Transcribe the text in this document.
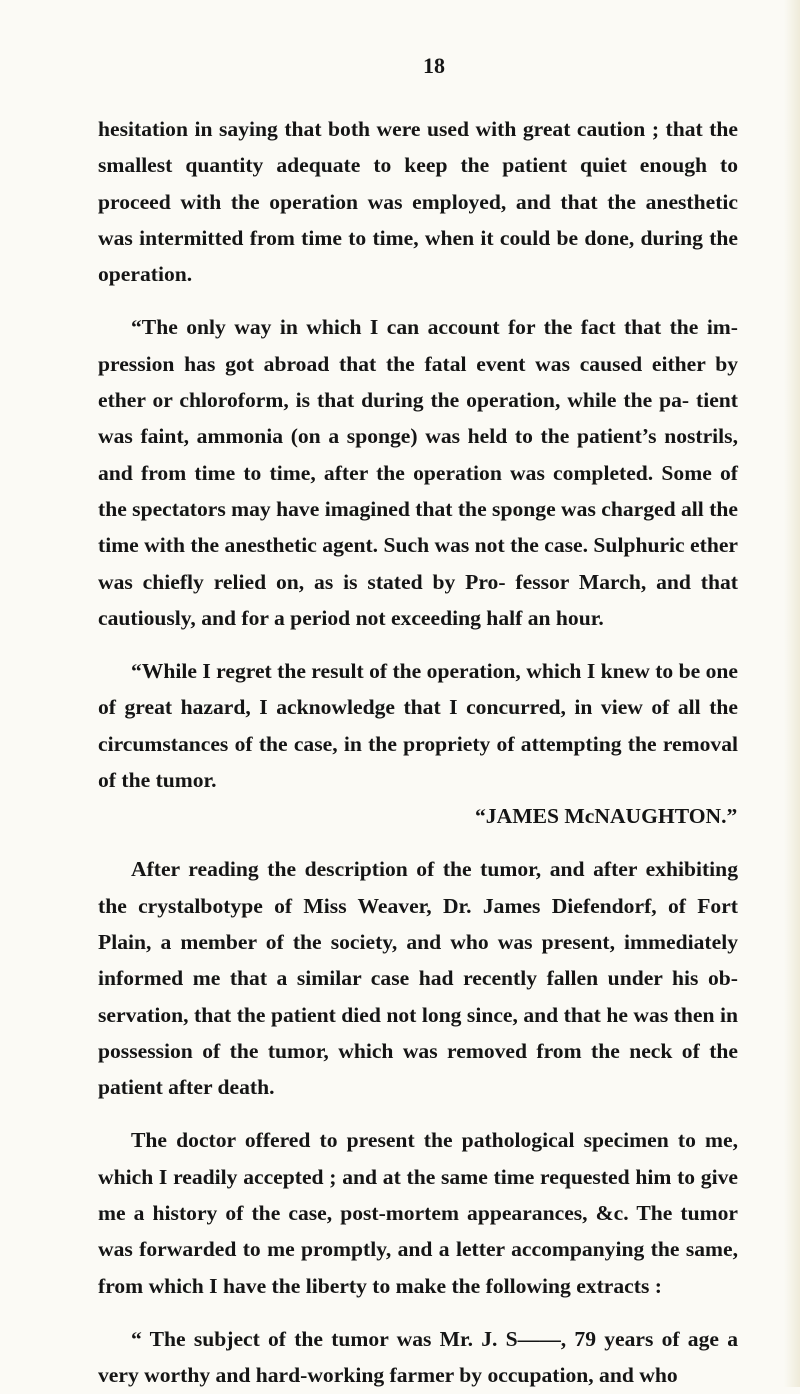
18

hesitation in saying that both were used with great caution ; that the smallest quantity adequate to keep the patient quiet enough to proceed with the operation was employed, and that the anesthetic was intermitted from time to time, when it could be done, during the operation.

“The only way in which I can account for the fact that the im- pression has got abroad that the fatal event was caused either by ether or chloroform, is that during the operation, while the pa- tient was faint, ammonia (on a sponge) was held to the patient’s nostrils, and from time to time, after the operation was completed. Some of the spectators may have imagined that the sponge was charged all the time with the anesthetic agent. Such was not the case. Sulphuric ether was chiefly relied on, as is stated by Pro- fessor March, and that cautiously, and for a period not exceeding half an hour.

“While I regret the result of the operation, which I knew to be one of great hazard, I acknowledge that I concurred, in view of all the circumstances of the case, in the propriety of attempting the removal of the tumor.

“JAMES McNAUGHTON.”

After reading the description of the tumor, and after exhibiting the crystalbotype of Miss Weaver, Dr. James Diefendorf, of Fort Plain, a member of the society, and who was present, immediately informed me that a similar case had recently fallen under his ob- servation, that the patient died not long since, and that he was then in possession of the tumor, which was removed from the neck of the patient after death.

The doctor offered to present the pathological specimen to me, which I readily accepted ; and at the same time requested him to give me a history of the case, post-mortem appearances, &c. The tumor was forwarded to me promptly, and a letter accompanying the same, from which I have the liberty to make the following extracts :

“ The subject of the tumor was Mr. J. S——, 79 years of age a very worthy and hard-working farmer by occupation, and who
